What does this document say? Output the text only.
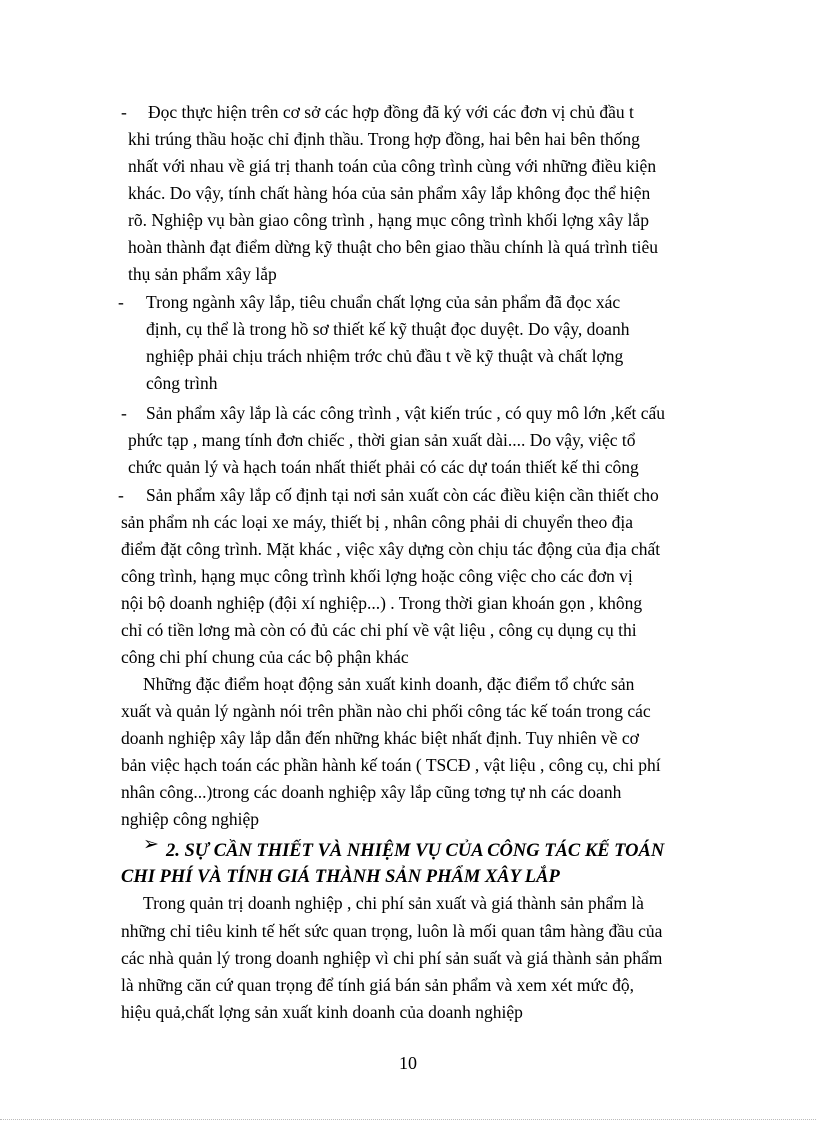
- Đọc thực hiện trên cơ sở các hợp đồng đã ký với các đơn vị chủ đầu t

khi trúng thầu hoặc chỉ định thầu. Trong hợp đồng, hai bên hai bên thống

nhất với nhau về giá trị thanh toán của công trình cùng với những điều kiện

khác. Do vậy, tính chất hàng hóa của sản phẩm xây lắp không đọc thể hiện

rõ. Nghiệp vụ bàn giao công trình , hạng mục công trình khối lợng xây lắp

hoàn thành đạt điểm dừng kỹ thuật cho bên giao thầu chính là quá trình tiêu

thụ sản phẩm xây lắp

- Trong ngành xây lắp, tiêu chuẩn chất lợng của sản phẩm đã đọc xác

định, cụ thể là trong hồ sơ thiết kế kỹ thuật đọc duyệt. Do vậy, doanh

nghiệp phải chịu trách nhiệm trớc chủ đầu t về kỹ thuật và chất lợng

công trình

- Sản phẩm xây lắp là các công trình , vật kiến trúc , có quy mô lớn ,kết cấu

phức tạp , mang tính đơn chiếc , thời gian sản xuất dài.... Do vậy, việc tổ

chức quản lý và hạch toán nhất thiết phải có các dự toán thiết kế thi công

- Sản phẩm xây lắp cố định tại nơi sản xuất còn các điều kiện cần thiết cho

sản phẩm nh các loại xe máy, thiết bị , nhân công phải di chuyển theo địa

điểm đặt công trình. Mặt khác , việc xây dựng còn chịu tác động của địa chất

công trình, hạng mục công trình khối lợng hoặc công việc cho các đơn vị

nội bộ doanh nghiệp (đội xí nghiệp...) . Trong thời gian khoán gọn , không

chỉ có tiền lơng mà còn có đủ các chi phí về vật liệu , công cụ dụng cụ thi

công chi phí chung của các bộ phận khác

Những đặc điểm hoạt động sản xuất kinh doanh, đặc điểm tổ chức sản

xuất và quản lý ngành nói trên phần nào chi phối công tác kế toán trong các

doanh nghiệp xây lắp dẫn đến những khác biệt nhất định. Tuy nhiên về cơ

bản việc hạch toán các phần hành kế toán ( TSCĐ , vật liệu , công cụ, chi phí

nhân công...)trong các doanh nghiệp xây lắp cũng tơng tự nh các doanh

nghiệp công nghiệp

➢ 2. SỰ CẦN THIẾT VÀ NHIỆM VỤ CỦA CÔNG TÁC KẾ TOÁN

CHI PHÍ VÀ TÍNH GIÁ THÀNH SẢN PHẨM XÂY LẮP

Trong quản trị doanh nghiệp , chi phí sản xuất và giá thành sản phẩm là

những chỉ tiêu kinh tế hết sức quan trọng, luôn là mối quan tâm hàng đầu của

các nhà quản lý trong doanh nghiệp vì chi phí sản suất và giá thành sản phẩm

là những căn cứ quan trọng để tính giá bán sản phẩm và xem xét mức độ,

hiệu quả,chất lợng sản xuất kinh doanh của doanh nghiệp

10
